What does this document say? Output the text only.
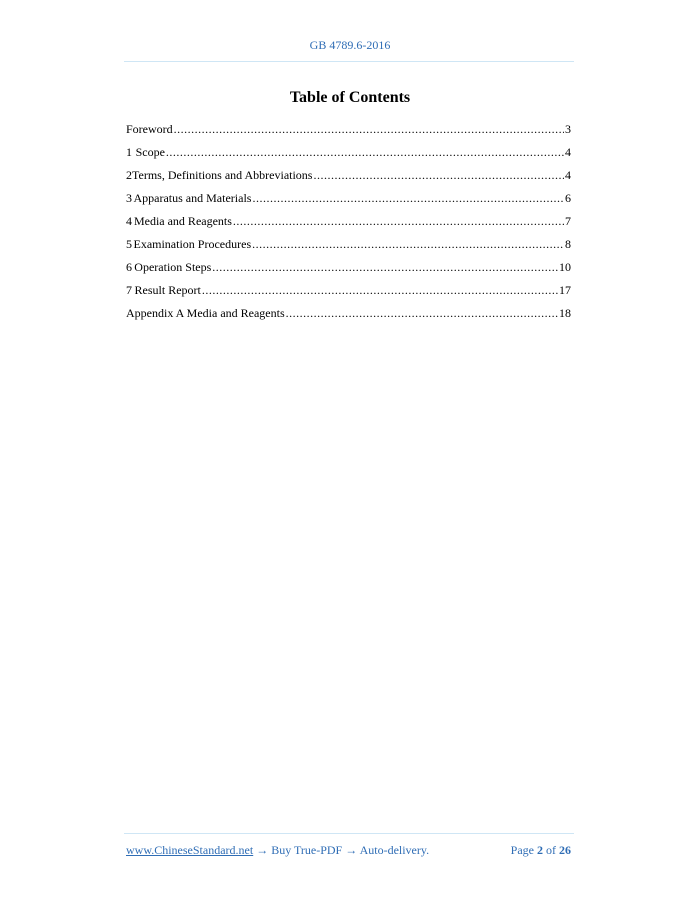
GB 4789.6-2016
Table of Contents
Foreword .....	3
1 Scope .....	4
2 Terms, Definitions and Abbreviations .....	4
3 Apparatus and Materials .....	6
4 Media and Reagents .....	7
5 Examination Procedures .....	8
6 Operation Steps .....	10
7 Result Report .....	17
Appendix A Media and Reagents .....	18
www.ChineseStandard.net → Buy True-PDF → Auto-delivery.	Page 2 of 26
